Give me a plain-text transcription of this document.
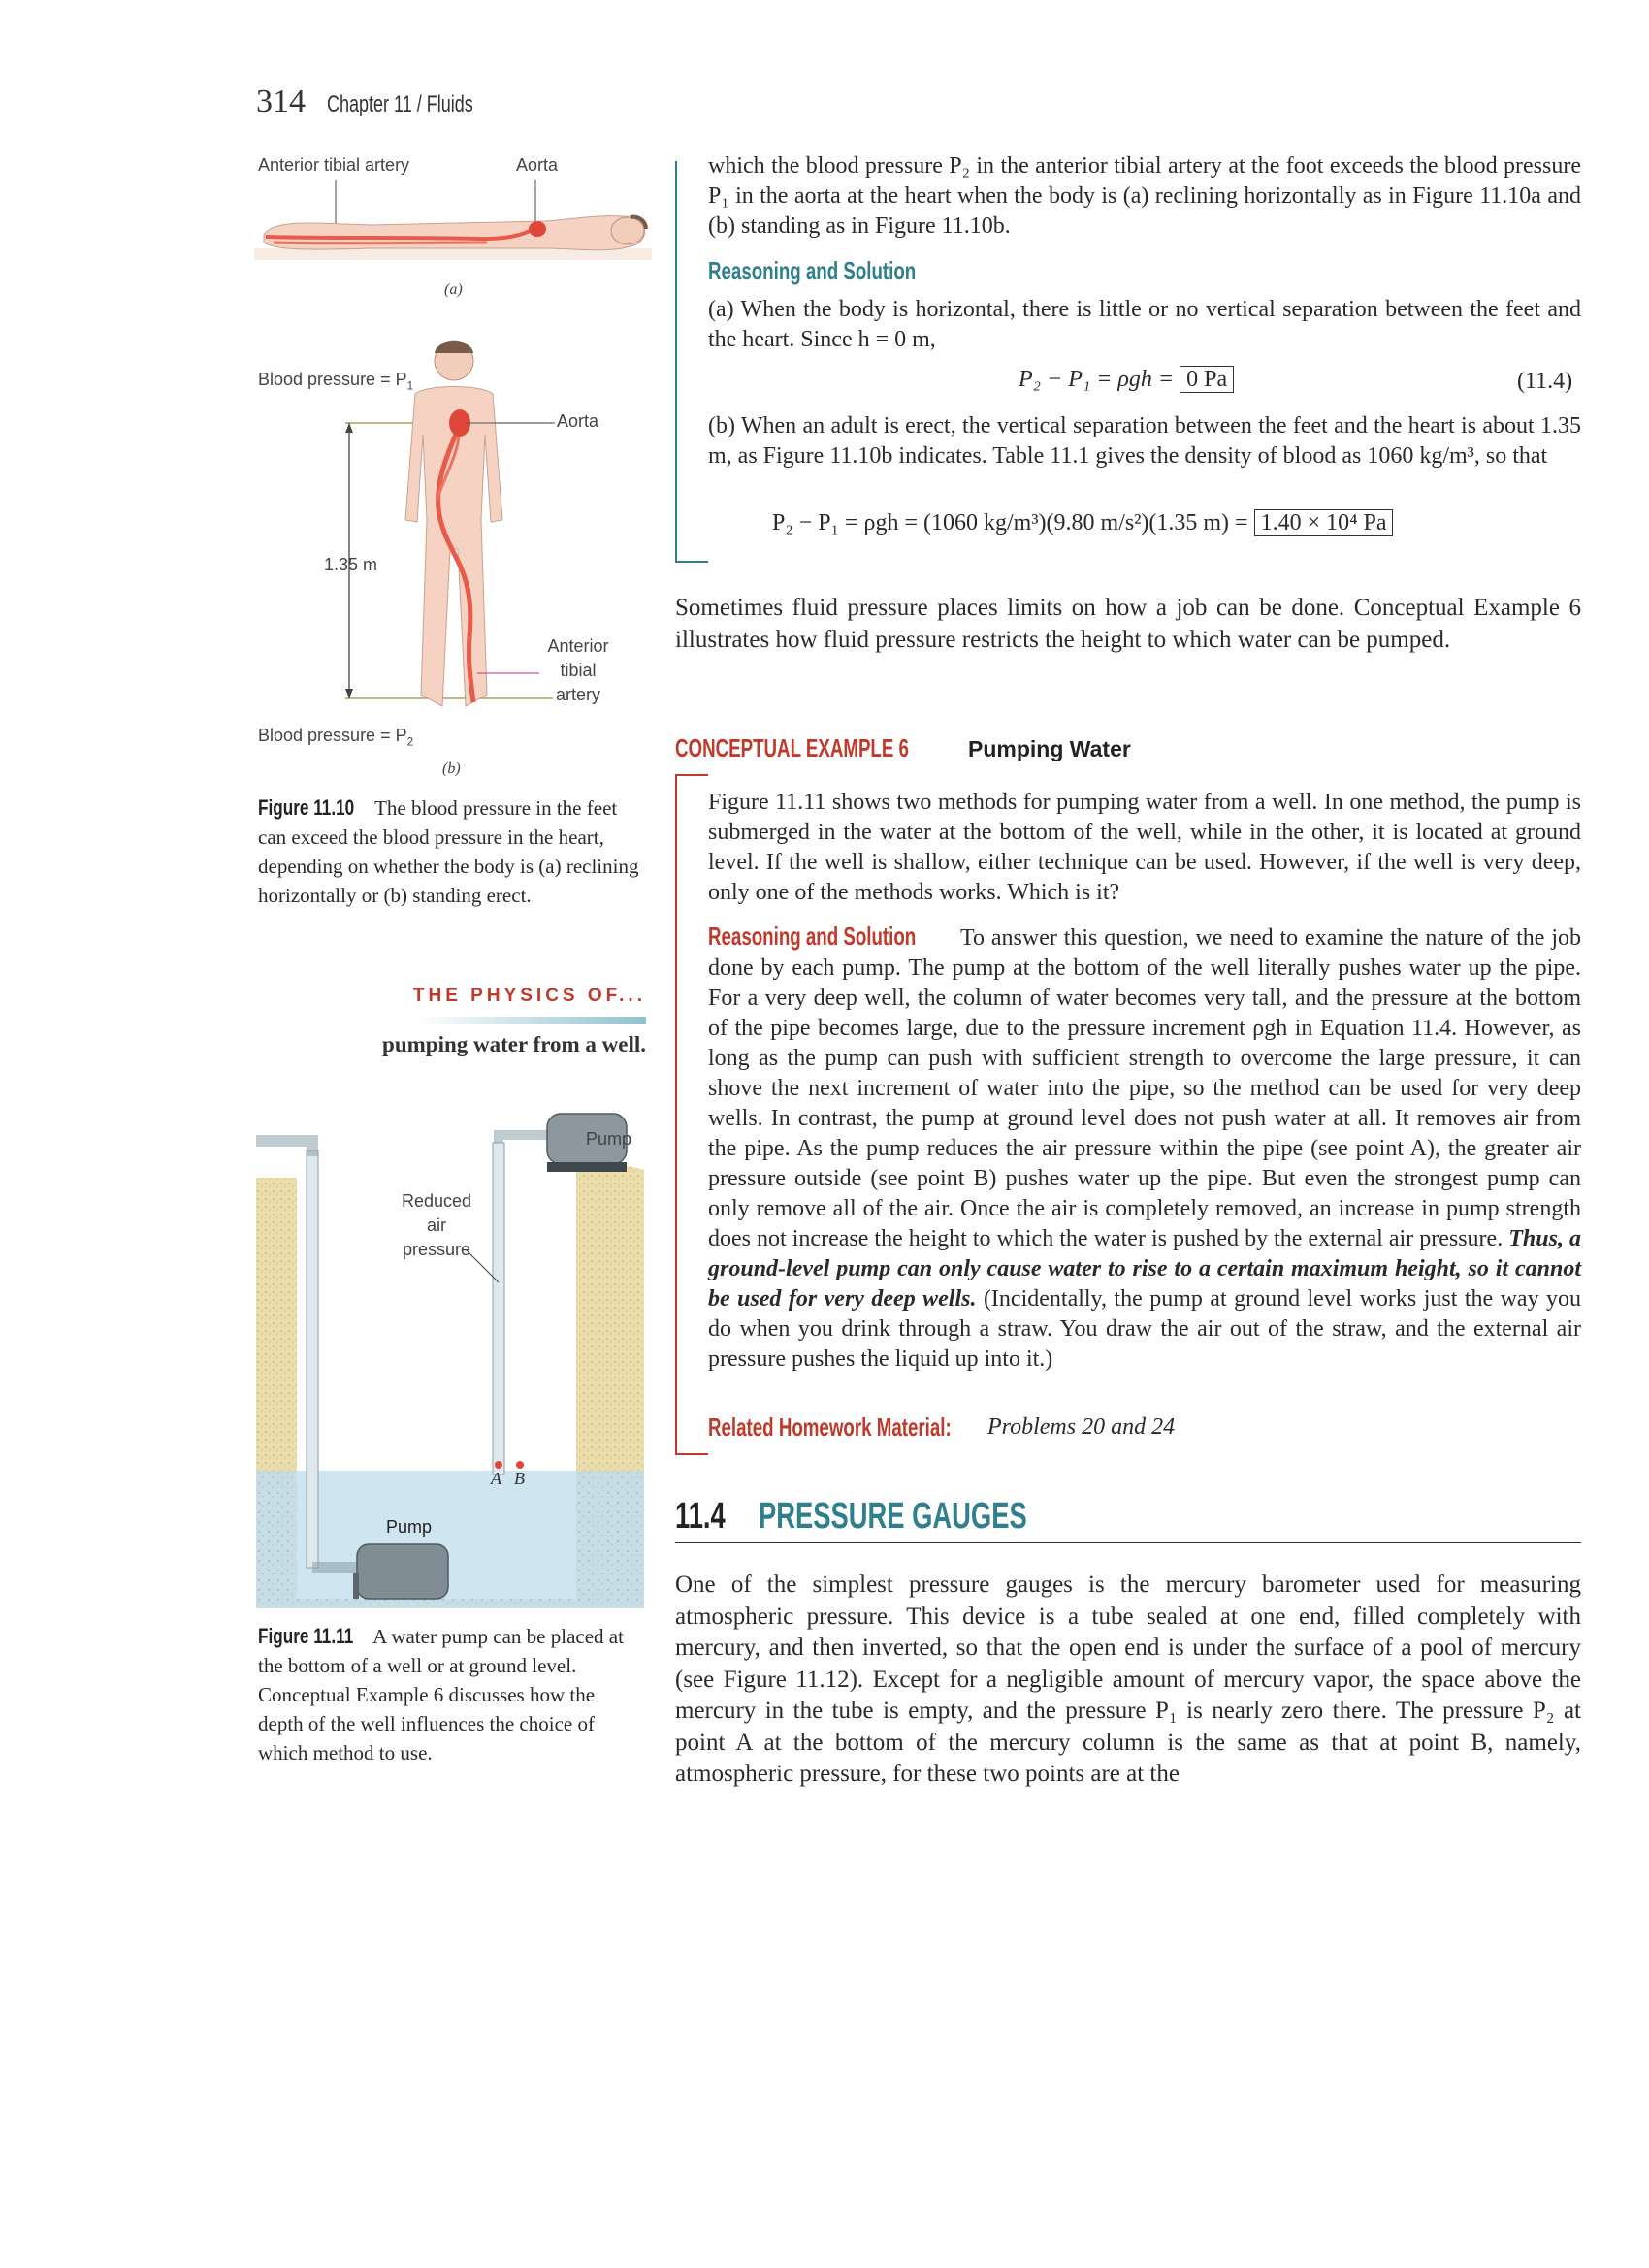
314 Chapter 11 / Fluids
Anterior tibial artery	Aorta
(a)
Blood pressure = $P_1$
Aorta
1.35 m
Anterior
tibial
artery
Blood pressure = $P_2$
(b)
Figure 11.10 The blood pressure in the feet can exceed the blood pressure in the heart, depending on whether the body is (a) reclining horizontally or (b) standing erect.
THE PHYSICS OF...
pumping water from a well.
Pump
Reduced
air
pressure
A B
Pump
Figure 11.11 A water pump can be placed at the bottom of a well or at ground level. Conceptual Example 6 discusses how the depth of the well influences the choice of which method to use.

which the blood pressure P₂ in the anterior tibial artery at the foot exceeds the blood pressure P₁ in the aorta at the heart when the body is (a) reclining horizontally as in Figure 11.10a and (b) standing as in Figure 11.10b.

Reasoning and Solution

(a) When the body is horizontal, there is little or no vertical separation between the feet and the heart. Since h = 0 m,

P₂ − P₁ = ρgh = 0 Pa	(11.4)

(b) When an adult is erect, the vertical separation between the feet and the heart is about 1.35 m, as Figure 11.10b indicates. Table 11.1 gives the density of blood as 1060 kg/m³, so that

P₂ − P₁ = ρgh = (1060 kg/m³)(9.80 m/s²)(1.35 m) = 1.40 × 10⁴ Pa

Sometimes fluid pressure places limits on how a job can be done. Conceptual Example 6 illustrates how fluid pressure restricts the height to which water can be pumped.

CONCEPTUAL EXAMPLE 6	Pumping Water

Figure 11.11 shows two methods for pumping water from a well. In one method, the pump is submerged in the water at the bottom of the well, while in the other, it is located at ground level. If the well is shallow, either technique can be used. However, if the well is very deep, only one of the methods works. Which is it?

Reasoning and Solution To answer this question, we need to examine the nature of the job done by each pump. The pump at the bottom of the well literally pushes water up the pipe. For a very deep well, the column of water becomes very tall, and the pressure at the bottom of the pipe becomes large, due to the pressure increment ρgh in Equation 11.4. However, as long as the pump can push with sufficient strength to overcome the large pressure, it can shove the next increment of water into the pipe, so the method can be used for very deep wells. In contrast, the pump at ground level does not push water at all. It removes air from the pipe. As the pump reduces the air pressure within the pipe (see point A), the greater air pressure outside (see point B) pushes water up the pipe. But even the strongest pump can only remove all of the air. Once the air is completely removed, an increase in pump strength does not increase the height to which the water is pushed by the external air pressure. Thus, a ground-level pump can only cause water to rise to a certain maximum height, so it cannot be used for very deep wells. (Incidentally, the pump at ground level works just the way you do when you drink through a straw. You draw the air out of the straw, and the external air pressure pushes the liquid up into it.)

Related Homework Material: Problems 20 and 24
11.4 PRESSURE GAUGES

One of the simplest pressure gauges is the mercury barometer used for measuring atmospheric pressure. This device is a tube sealed at one end, filled completely with mercury, and then inverted, so that the open end is under the surface of a pool of mercury (see Figure 11.12). Except for a negligible amount of mercury vapor, the space above the mercury in the tube is empty, and the pressure P₁ is nearly zero there. The pressure P₂ at point A at the bottom of the mercury column is the same as that at point B, namely, atmospheric pressure, for these two points are at the
